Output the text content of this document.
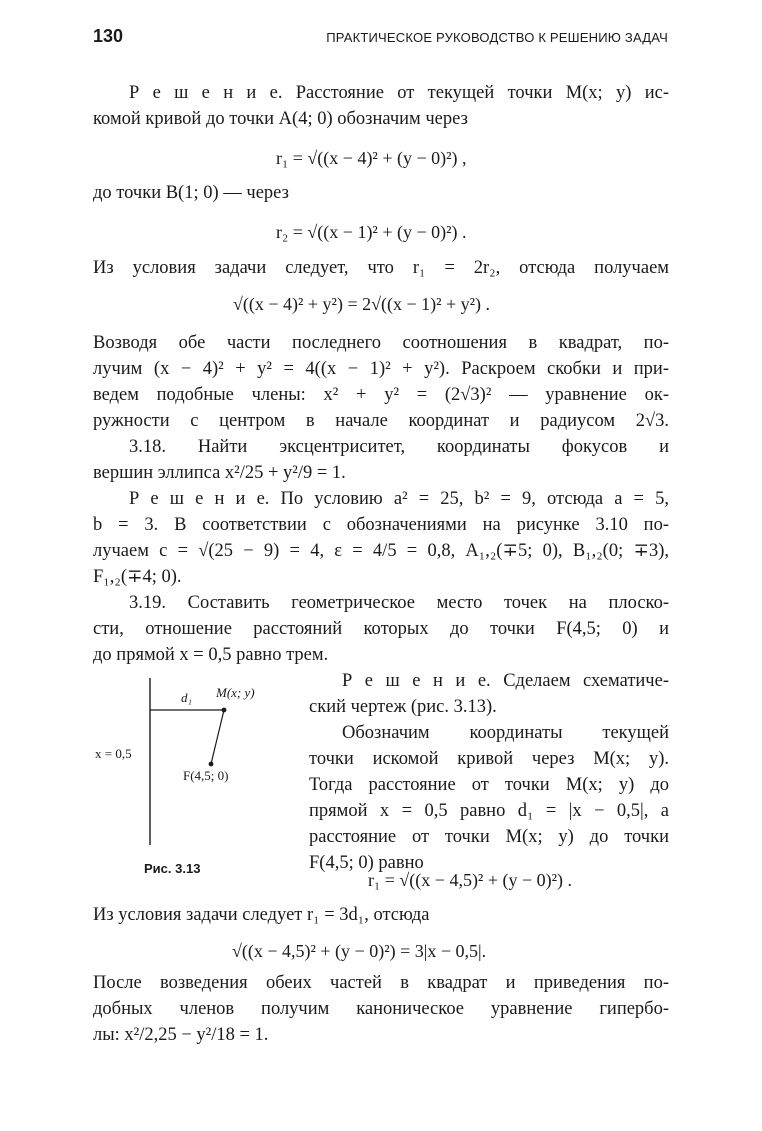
130	ПРАКТИЧЕСКОЕ РУКОВОДСТВО К РЕШЕНИЮ ЗАДАЧ
Р е ш е н и е. Расстояние от текущей точки M(x; y) ис-
комой кривой до точки A(4; 0) обозначим через
r₁ = √((x − 4)² + (y − 0)²) ,
до точки B(1; 0) — через
r₂ = √((x − 1)² + (y − 0)²) .
Из условия задачи следует, что r₁ = 2r₂, отсюда получаем
√((x − 4)² + y²) = 2√((x − 1)² + y²) .
Возводя обе части последнего соотношения в квадрат, по-
лучим (x − 4)² + y² = 4((x − 1)² + y²). Раскроем скобки и при-
ведем подобные члены: x² + y² = (2√3)² — уравнение ок-
ружности с центром в начале координат и радиусом 2√3.
3.18. Найти эксцентриситет, координаты фокусов и
вершин эллипса x²/25 + y²/9 = 1.
Р е ш е н и е. По условию a² = 25, b² = 9, отсюда a = 5,
b = 3. В соответствии с обозначениями на рисунке 3.10 по-
лучаем c = √(25 − 9) = 4, ε = 4/5 = 0,8, A₁,₂(∓5; 0), B₁,₂(0; ∓3),
F₁,₂(∓4; 0).
3.19. Составить геометрическое место точек на плоско-
сти, отношение расстояний которых до точки F(4,5; 0) и
до прямой x = 0,5 равно трем.
Р е ш е н и е. Сделаем схематиче-
ский чертеж (рис. 3.13).
Обозначим координаты текущей
точки искомой кривой через M(x; y).
Тогда расстояние от точки M(x; y) до
прямой x = 0,5 равно d₁ = |x − 0,5|, а
расстояние от точки M(x; y) до точки
F(4,5; 0) равно
r₁ = √((x − 4,5)² + (y − 0)²) .
d₁ M(x; y)
x = 0,5
F(4,5; 0)
Рис. 3.13
Из условия задачи следует r₁ = 3d₁, отсюда
√((x − 4,5)² + (y − 0)²) = 3|x − 0,5|.
После возведения обеих частей в квадрат и приведения по-
добных членов получим каноническое уравнение гипербо-
лы: x²/2,25 − y²/18 = 1.
